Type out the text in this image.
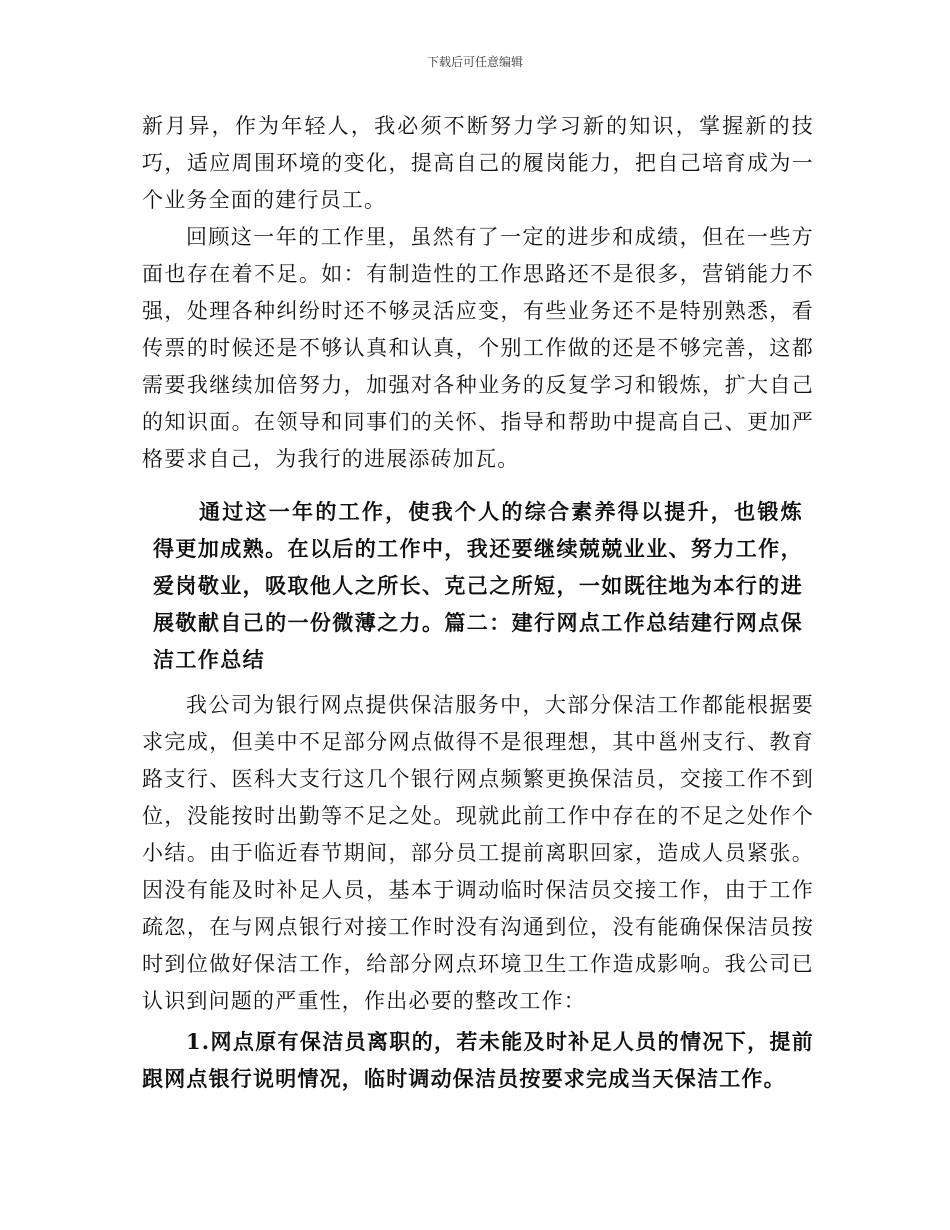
下载后可任意编辑

新月异，作为年轻人，我必须不断努力学习新的知识，掌握新的技巧，适应周围环境的变化，提高自己的履岗能力，把自己培育成为一个业务全面的建行员工。

回顾这一年的工作里，虽然有了一定的进步和成绩，但在一些方面也存在着不足。如：有制造性的工作思路还不是很多，营销能力不强，处理各种纠纷时还不够灵活应变，有些业务还不是特别熟悉，看传票的时候还是不够认真和认真，个别工作做的还是不够完善，这都需要我继续加倍努力，加强对各种业务的反复学习和锻炼，扩大自己的知识面。在领导和同事们的关怀、指导和帮助中提高自己、更加严格要求自己，为我行的进展添砖加瓦。

通过这一年的工作，使我个人的综合素养得以提升，也锻炼得更加成熟。在以后的工作中，我还要继续兢兢业业、努力工作，爱岗敬业，吸取他人之所长、克己之所短，一如既往地为本行的进展敬献自己的一份微薄之力。篇二：建行网点工作总结建行网点保洁工作总结

我公司为银行网点提供保洁服务中，大部分保洁工作都能根据要求完成，但美中不足部分网点做得不是很理想，其中邕州支行、教育路支行、医科大支行这几个银行网点频繁更换保洁员，交接工作不到位，没能按时出勤等不足之处。现就此前工作中存在的不足之处作个小结。由于临近春节期间，部分员工提前离职回家，造成人员紧张。因没有能及时补足人员，基本于调动临时保洁员交接工作，由于工作疏忽，在与网点银行对接工作时没有沟通到位，没有能确保保洁员按时到位做好保洁工作，给部分网点环境卫生工作造成影响。我公司已认识到问题的严重性，作出必要的整改工作：

1.网点原有保洁员离职的，若未能及时补足人员的情况下，提前跟网点银行说明情况，临时调动保洁员按要求完成当天保洁工作。
